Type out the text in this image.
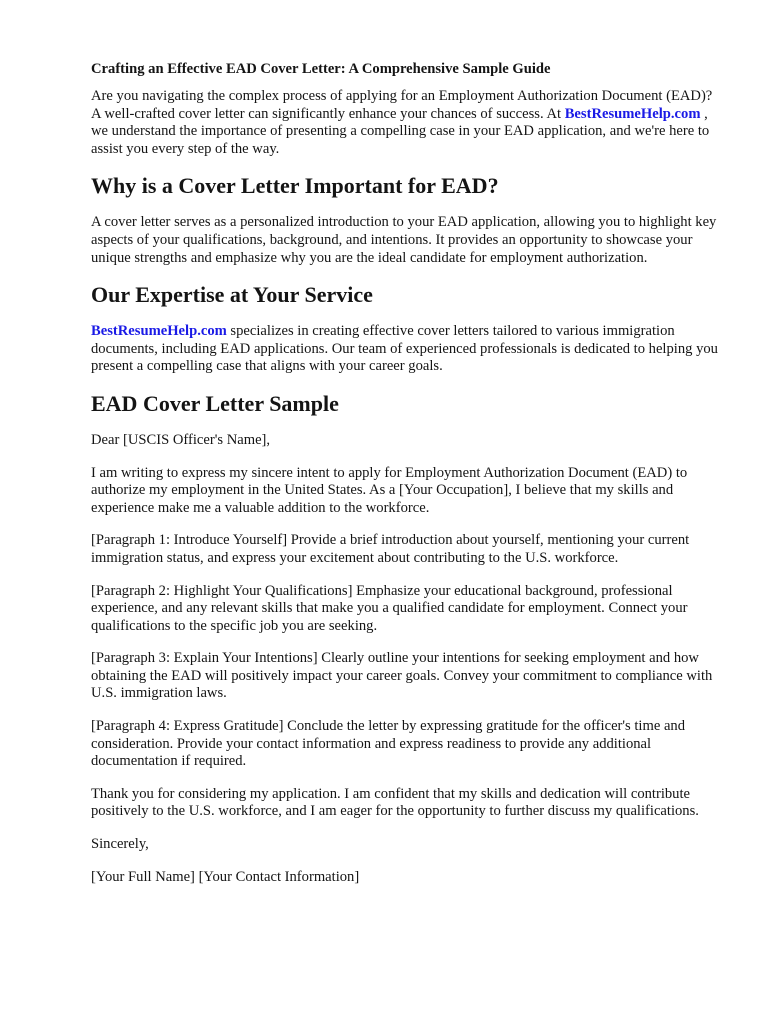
Crafting an Effective EAD Cover Letter: A Comprehensive Sample Guide

Are you navigating the complex process of applying for an Employment Authorization Document (EAD)? A well-crafted cover letter can significantly enhance your chances of success. At BestResumeHelp.com , we understand the importance of presenting a compelling case in your EAD application, and we're here to assist you every step of the way.

Why is a Cover Letter Important for EAD?

A cover letter serves as a personalized introduction to your EAD application, allowing you to highlight key aspects of your qualifications, background, and intentions. It provides an opportunity to showcase your unique strengths and emphasize why you are the ideal candidate for employment authorization.

Our Expertise at Your Service

BestResumeHelp.com specializes in creating effective cover letters tailored to various immigration documents, including EAD applications. Our team of experienced professionals is dedicated to helping you present a compelling case that aligns with your career goals.

EAD Cover Letter Sample

Dear [USCIS Officer's Name],

I am writing to express my sincere intent to apply for Employment Authorization Document (EAD) to authorize my employment in the United States. As a [Your Occupation], I believe that my skills and experience make me a valuable addition to the workforce.

[Paragraph 1: Introduce Yourself] Provide a brief introduction about yourself, mentioning your current immigration status, and express your excitement about contributing to the U.S. workforce.

[Paragraph 2: Highlight Your Qualifications] Emphasize your educational background, professional experience, and any relevant skills that make you a qualified candidate for employment. Connect your qualifications to the specific job you are seeking.

[Paragraph 3: Explain Your Intentions] Clearly outline your intentions for seeking employment and how obtaining the EAD will positively impact your career goals. Convey your commitment to compliance with U.S. immigration laws.

[Paragraph 4: Express Gratitude] Conclude the letter by expressing gratitude for the officer's time and consideration. Provide your contact information and express readiness to provide any additional documentation if required.

Thank you for considering my application. I am confident that my skills and dedication will contribute positively to the U.S. workforce, and I am eager for the opportunity to further discuss my qualifications.

Sincerely,

[Your Full Name] [Your Contact Information]
